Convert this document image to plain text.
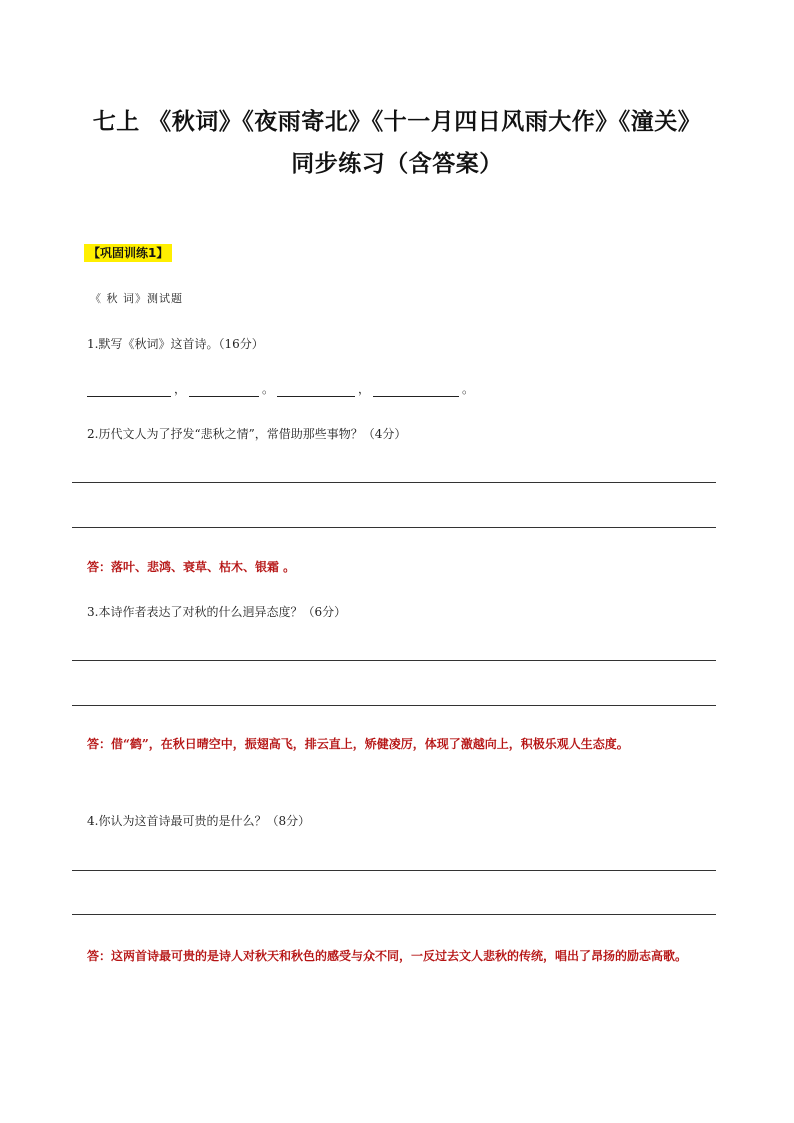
七上 《秋词》《夜雨寄北》《十一月四日风雨大作》《潼关》
同步练习（含答案）
【巩固训练1】
《 秋 词》测试题
1.默写《秋词》这首诗。（16分）
，	。	，	。
2.历代文人为了抒发“悲秋之情”，常借助那些事物？（4分）
答：落叶、悲鸿、衰草、枯木、银霜 。
3.本诗作者表达了对秋的什么迥异态度？（6分）
答：借“鹤”，在秋日晴空中，振翅高飞，排云直上，矫健凌厉，体现了激越向上，积极乐观人生态度。
4.你认为这首诗最可贵的是什么？（8分）
答：这两首诗最可贵的是诗人对秋天和秋色的感受与众不同，一反过去文人悲秋的传统，唱出了昂扬的励志高歌。
